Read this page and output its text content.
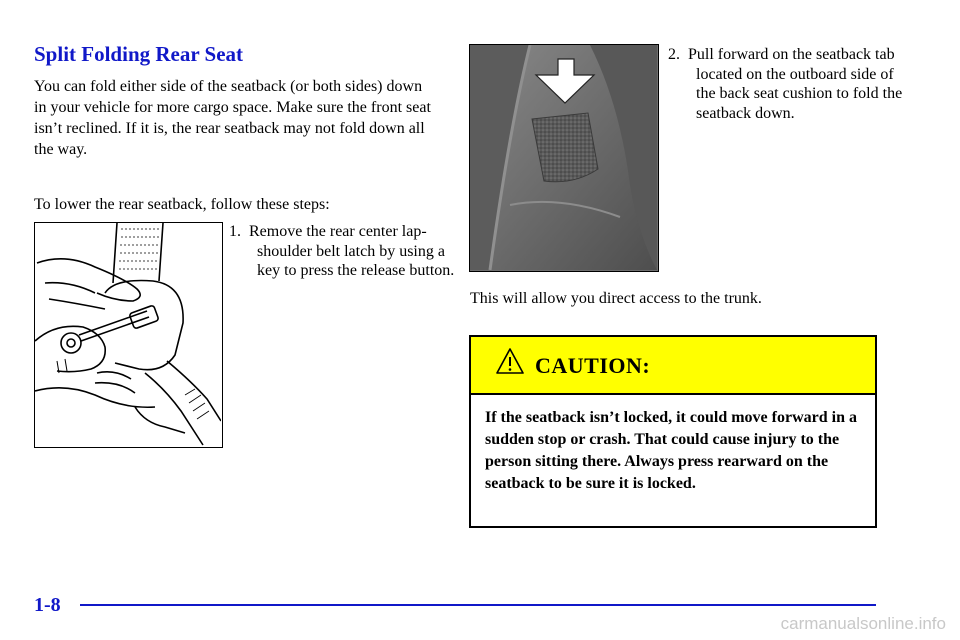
Split Folding Rear Seat

You can fold either side of the seatback (or both sides) down in your vehicle for more cargo space. Make sure the front seat isn’t reclined. If it is, the rear seatback may not fold down all the way.

To lower the rear seatback, follow these steps:

1. Remove the rear center lap-shoulder belt latch by using a key to press the release button.

2. Pull forward on the seatback tab located on the outboard side of the back seat cushion to fold the seatback down.

This will allow you direct access to the trunk.

CAUTION:

If the seatback isn’t locked, it could move forward in a sudden stop or crash. That could cause injury to the person sitting there. Always press rearward on the seatback to be sure it is locked.

1-8
carmanualsonline.info
